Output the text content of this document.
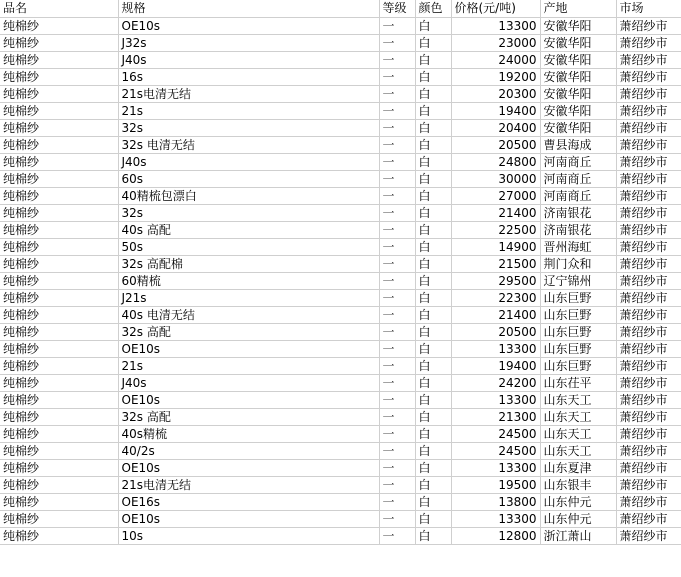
品名	规格	等级	颜色	价格(元/吨)	产地	市场
纯棉纱	OE10s	一	白	13300	安徽华阳	萧绍纱市
纯棉纱	J32s	一	白	23000	安徽华阳	萧绍纱市
纯棉纱	J40s	一	白	24000	安徽华阳	萧绍纱市
纯棉纱	16s	一	白	19200	安徽华阳	萧绍纱市
纯棉纱	21s电清无结	一	白	20300	安徽华阳	萧绍纱市
纯棉纱	21s	一	白	19400	安徽华阳	萧绍纱市
纯棉纱	32s	一	白	20400	安徽华阳	萧绍纱市
纯棉纱	32s 电清无结	一	白	20500	曹县海成	萧绍纱市
纯棉纱	J40s	一	白	24800	河南商丘	萧绍纱市
纯棉纱	60s	一	白	30000	河南商丘	萧绍纱市
纯棉纱	40精梳包漂白	一	白	27000	河南商丘	萧绍纱市
纯棉纱	32s	一	白	21400	济南银花	萧绍纱市
纯棉纱	40s 高配	一	白	22500	济南银花	萧绍纱市
纯棉纱	50s	一	白	14900	晋州海虹	萧绍纱市
纯棉纱	32s 高配棉	一	白	21500	荆门众和	萧绍纱市
纯棉纱	60精梳	一	白	29500	辽宁锦州	萧绍纱市
纯棉纱	J21s	一	白	22300	山东巨野	萧绍纱市
纯棉纱	40s 电清无结	一	白	21400	山东巨野	萧绍纱市
纯棉纱	32s 高配	一	白	20500	山东巨野	萧绍纱市
纯棉纱	OE10s	一	白	13300	山东巨野	萧绍纱市
纯棉纱	21s	一	白	19400	山东巨野	萧绍纱市
纯棉纱	J40s	一	白	24200	山东茌平	萧绍纱市
纯棉纱	OE10s	一	白	13300	山东天工	萧绍纱市
纯棉纱	32s 高配	一	白	21300	山东天工	萧绍纱市
纯棉纱	40s精梳	一	白	24500	山东天工	萧绍纱市
纯棉纱	40/2s	一	白	24500	山东天工	萧绍纱市
纯棉纱	OE10s	一	白	13300	山东夏津	萧绍纱市
纯棉纱	21s电清无结	一	白	19500	山东银丰	萧绍纱市
纯棉纱	OE16s	一	白	13800	山东仲元	萧绍纱市
纯棉纱	OE10s	一	白	13300	山东仲元	萧绍纱市
纯棉纱	10s	一	白	12800	浙江萧山	萧绍纱市
